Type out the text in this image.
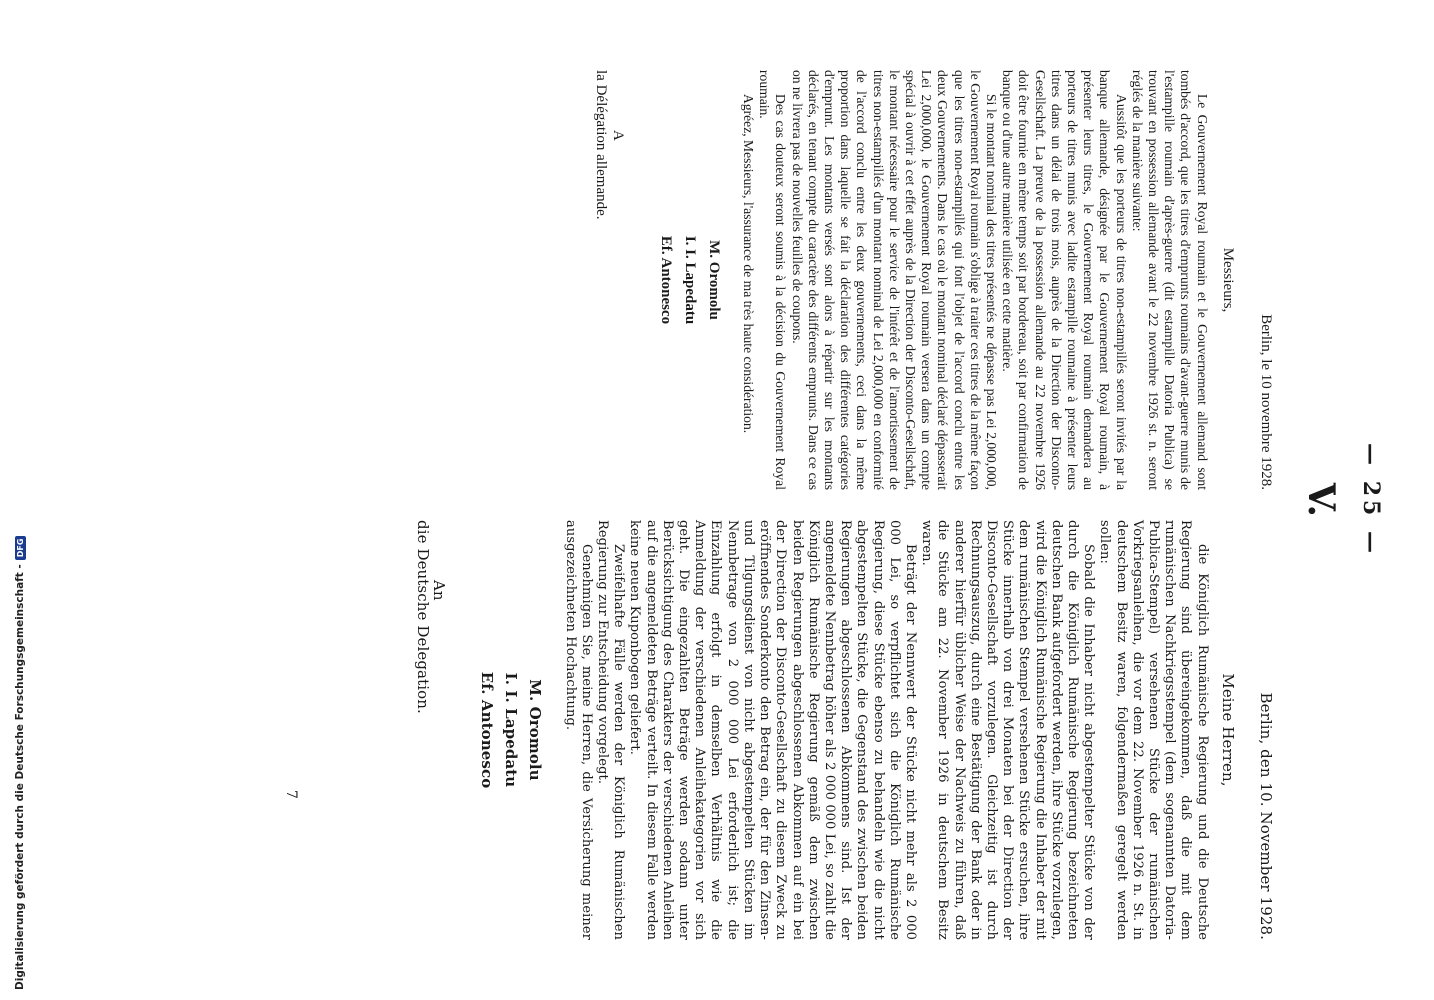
Digitalisierung gefördert durch die Deutsche Forschungsgemeinschaft -DFG	— 25 —
V.

Berlin, le 10 novembre 1928.

Messieurs,

Le Gouvernement Royal roumain et le Gouvernement allemand sont tombés d'accord, que les titres d'emprunts roumains d'avant-guerre munis de l'estampille roumain d'après-guerre (dit estampille Datoria Publica) se trouvant en possession allemande avant le 22 novembre 1926 st. n. seront réglés de la manière suivante:

Aussitôt que les porteurs de titres non-estampillés seront invités par la banque allemande, désignée par le Gouvernement Royal roumain, à présenter leurs titres, le Gouvernement Royal roumain demandera au porteurs de titres munis avec ladite estampille roumaine à présenter leurs titres dans un délai de trois mois, auprès de la Direction der Disconto-Gesellschaft. La preuve de la possession allemande au 22 novembre 1926 doit être fournie en même temps soit par bordereau, soit par confirmation de banque ou d'une autre manière utilisée en cette matière.

Si le montant nominal des titres présentés ne dépasse pas Lei 2,000,000, le Gouvernement Royal roumain s'oblige à traiter ces titres de la même façon que les titres non-estampillés qui font l'objet de l'accord conclu entre les deux Gouvernements. Dans le cas où le montant nominal déclaré dépasserait Lei 2,000,000, le Gouvernement Royal roumain versera dans un compte spécial à ouvrir à cet effet auprès de la Direction der Disconto-Gesellschaft, le montant nécessaire pour le service de l'intérêt et de l'amortissement de titres non-estampillés d'un montant nominal de Lei 2,000,000 en conformité de l'accord conclu entre les deux gouvernements, ceci dans la même proportion dans laquelle se fait la déclaration des différentes catégories d'emprunt. Les montants versés sont alors à répartir sur les montants déclarés, en tenant compte du caractère des différents emprunts. Dans ce cas on ne livrera pas de nouvelles feuilles de coupons.

Des cas douteux seront soumis à la décision du Gouvernement Royal roumain.

Agréez, Messieurs, l'assurance de ma très haute considération.

M. Oromolu

I. I. Lapedatu

Ef. Antonesco

A
la Délégation allemande.

Berlin, den 10. November 1928.

Meine Herren,

die Königlich Rumänische Regierung und die Deutsche Regierung sind übereingekommen, daß die mit dem rumänischen Nachkriegsstempel (dem sogenannten Datoria-Publica-Stempel) versehenen Stücke der rumänischen Vorkriegsanleihen, die vor dem 22. November 1926 n. St. in deutschem Besitz waren, folgendermaßen geregelt werden sollen:

Sobald die Inhaber nicht abgestempelter Stücke von der durch die Königlich Rumänische Regierung bezeichneten deutschen Bank aufgefordert werden, ihre Stücke vorzulegen, wird die Königlich Rumänische Regierung die Inhaber der mit dem rumänischen Stempel versehenen Stücke ersuchen, ihre Stücke innerhalb von drei Monaten bei der Direction der Disconto-Gesellschaft vorzulegen. Gleichzeitig ist durch Rechnungsauszug, durch eine Bestätigung der Bank oder in anderer hierfür üblicher Weise der Nachweis zu führen, daß die Stücke am 22. November 1926 in deutschem Besitz waren.

Beträgt der Nennwert der Stücke nicht mehr als 2 000 000 Lei, so verpflichtet sich die Königlich Rumänische Regierung, diese Stücke ebenso zu behandeln wie die nicht abgestempelten Stücke, die Gegenstand des zwischen beiden Regierungen abgeschlossenen Abkommens sind. Ist der angemeldete Nennbetrag höher als 2 000 000 Lei, so zahlt die Königlich Rumänische Regierung gemäß dem zwischen beiden Regierungen abgeschlossenen Abkommen auf ein bei der Direction der Disconto-Gesellschaft zu diesem Zweck zu eröffnendes Sonderkonto den Betrag ein, der für den Zinsen- und Tilgungsdienst von nicht abgestempelten Stücken im Nennbetrage von 2 000 000 Lei erforderlich ist; die Einzahlung erfolgt in demselben Verhältnis wie die Anmeldung der verschiedenen Anleihekategorien vor sich geht. Die eingezahlten Beträge werden sodann unter Berücksichtigung des Charakters der verschiedenen Anleihen auf die angemeldeten Beträge verteilt. In diesem Falle werden keine neuen Kuponbogen geliefert.

Zweifelhafte Fälle werden der Königlich Rumänischen Regierung zur Entscheidung vorgelegt.

Genehmigen Sie, meine Herren, die Versicherung meiner ausgezeichneten Hochachtung.

M. Oromolu

I. I. Lapedatu

Ef. Antonesco

An
die Deutsche Delegation.
7
